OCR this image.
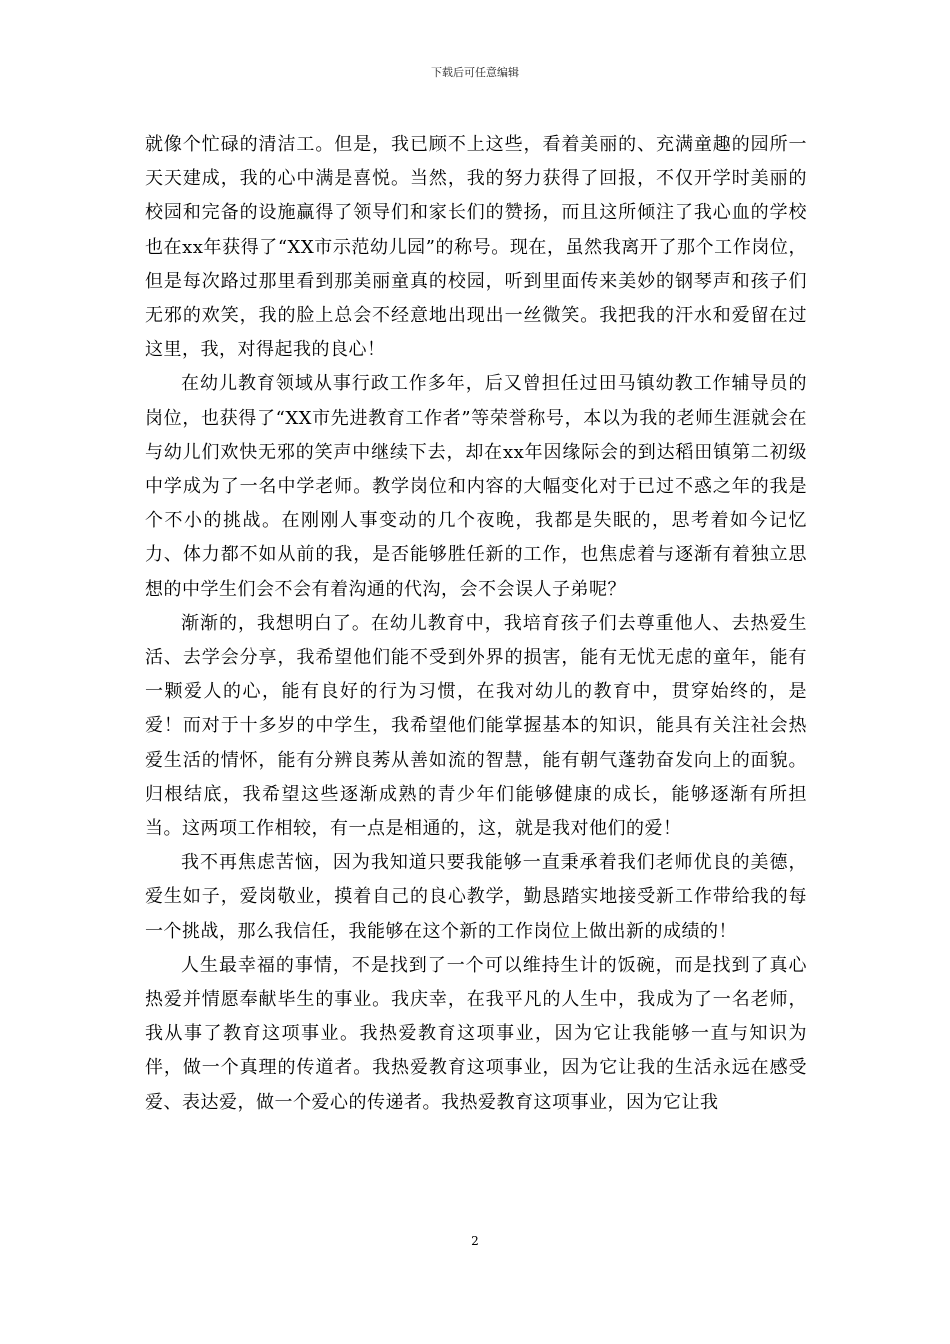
下载后可任意编辑

就像个忙碌的清洁工。但是，我已顾不上这些，看着美丽的、充满童趣的园所一天天建成，我的心中满是喜悦。当然，我的努力获得了回报，不仅开学时美丽的校园和完备的设施赢得了领导们和家长们的赞扬，而且这所倾注了我心血的学校也在xx年获得了“XX市示范幼儿园”的称号。现在，虽然我离开了那个工作岗位，但是每次路过那里看到那美丽童真的校园，听到里面传来美妙的钢琴声和孩子们无邪的欢笑，我的脸上总会不经意地出现出一丝微笑。我把我的汗水和爱留在过这里，我，对得起我的良心！

在幼儿教育领域从事行政工作多年，后又曾担任过田马镇幼教工作辅导员的岗位，也获得了“XX市先进教育工作者”等荣誉称号，本以为我的老师生涯就会在与幼儿们欢快无邪的笑声中继续下去，却在xx年因缘际会的到达稻田镇第二初级中学成为了一名中学老师。教学岗位和内容的大幅变化对于已过不惑之年的我是个不小的挑战。在刚刚人事变动的几个夜晚，我都是失眠的，思考着如今记忆力、体力都不如从前的我，是否能够胜任新的工作，也焦虑着与逐渐有着独立思想的中学生们会不会有着沟通的代沟，会不会误人子弟呢？

渐渐的，我想明白了。在幼儿教育中，我培育孩子们去尊重他人、去热爱生活、去学会分享，我希望他们能不受到外界的损害，能有无忧无虑的童年，能有一颗爱人的心，能有良好的行为习惯，在我对幼儿的教育中，贯穿始终的，是爱！而对于十多岁的中学生，我希望他们能掌握基本的知识，能具有关注社会热爱生活的情怀，能有分辨良莠从善如流的智慧，能有朝气蓬勃奋发向上的面貌。归根结底，我希望这些逐渐成熟的青少年们能够健康的成长，能够逐渐有所担当。这两项工作相较，有一点是相通的，这，就是我对他们的爱！

我不再焦虑苦恼，因为我知道只要我能够一直秉承着我们老师优良的美德，爱生如子，爱岗敬业，摸着自己的良心教学，勤恳踏实地接受新工作带给我的每一个挑战，那么我信任，我能够在这个新的工作岗位上做出新的成绩的！

人生最幸福的事情，不是找到了一个可以维持生计的饭碗，而是找到了真心热爱并情愿奉献毕生的事业。我庆幸，在我平凡的人生中，我成为了一名老师，我从事了教育这项事业。我热爱教育这项事业，因为它让我能够一直与知识为伴，做一个真理的传道者。我热爱教育这项事业，因为它让我的生活永远在感受爱、表达爱，做一个爱心的传递者。我热爱教育这项事业，因为它让我

2
